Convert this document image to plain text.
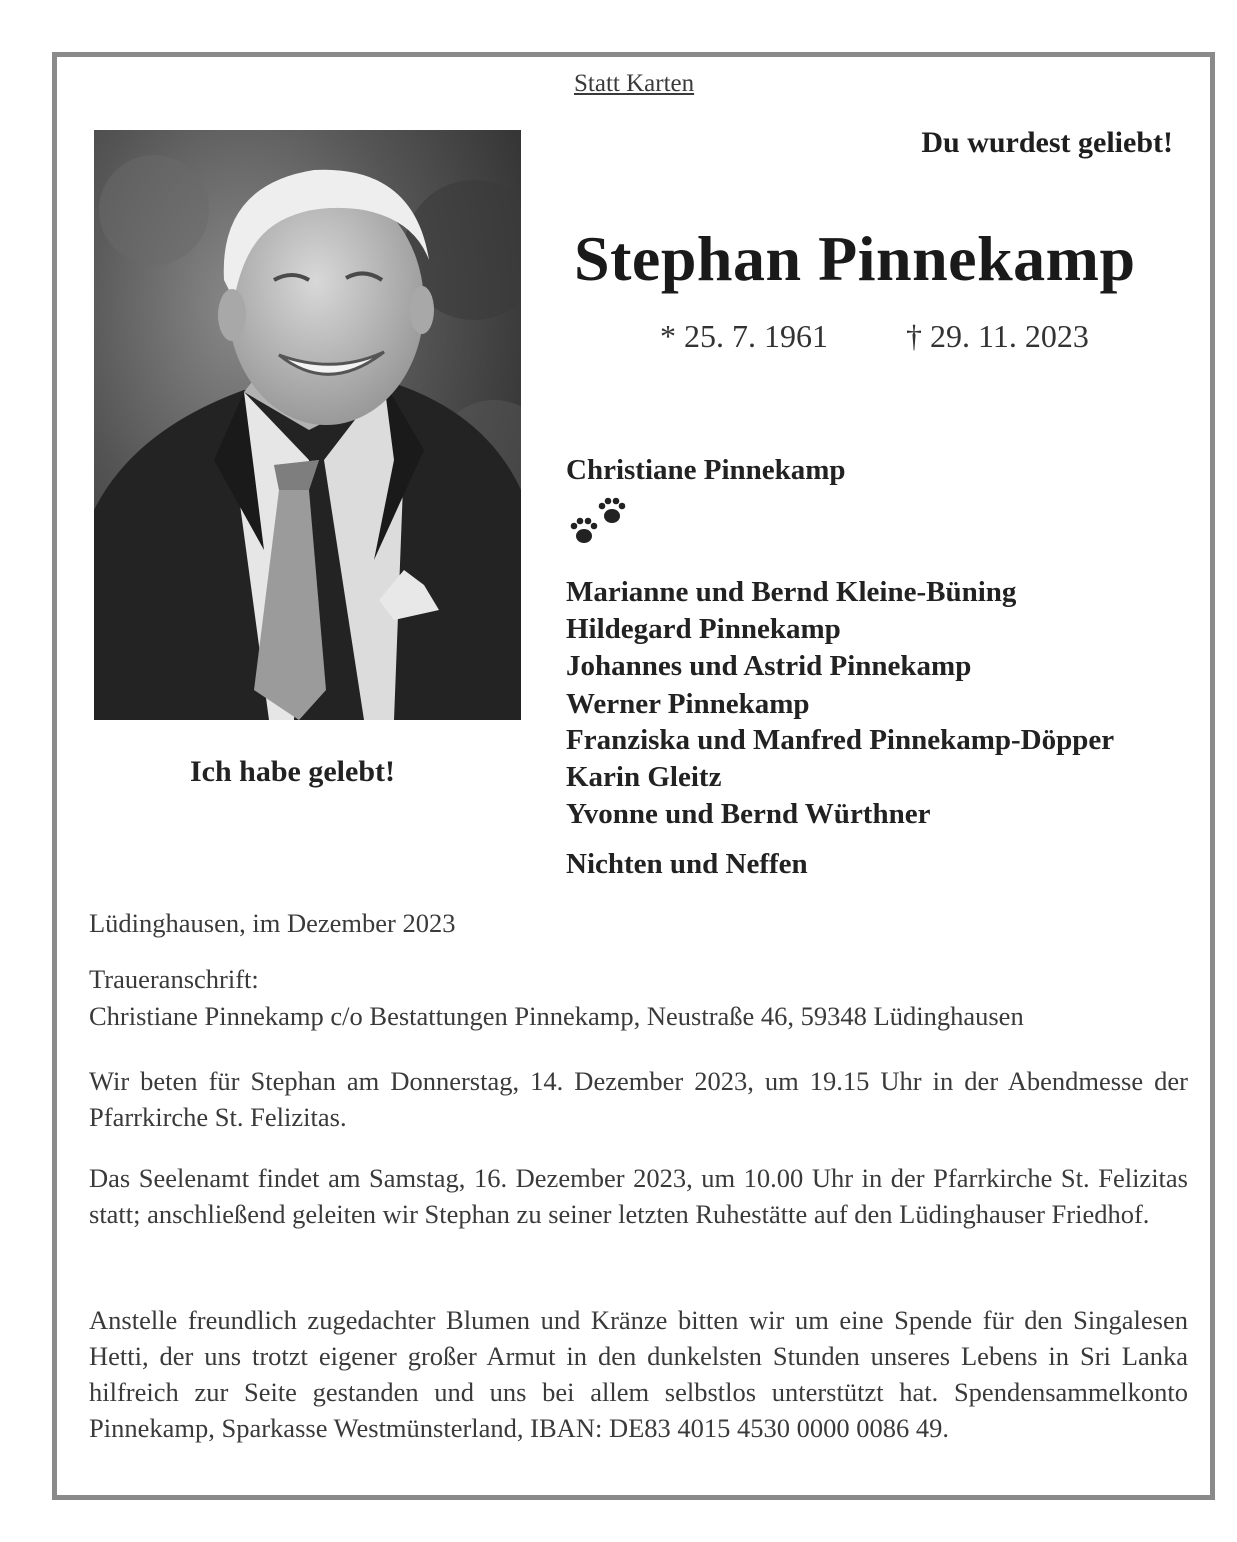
Statt Karten
Du wurdest geliebt!
Stephan Pinnekamp
* 25. 7. 1961 † 29. 11. 2023
Christiane Pinnekamp
Marianne und Bernd Kleine-Büning
Hildegard Pinnekamp
Johannes und Astrid Pinnekamp
Werner Pinnekamp
Franziska und Manfred Pinnekamp-Döpper
Karin Gleitz
Yvonne und Bernd Würthner
Nichten und Neffen
Ich habe gelebt!
Lüdinghausen, im Dezember 2023
Traueranschrift:
Christiane Pinnekamp c/o Bestattungen Pinnekamp, Neustraße 46, 59348 Lüdinghausen
Wir beten für Stephan am Donnerstag, 14. Dezember 2023, um 19.15 Uhr in der Abendmesse der Pfarrkirche St. Felizitas.
Das Seelenamt findet am Samstag, 16. Dezember 2023, um 10.00 Uhr in der Pfarrkirche St. Felizitas statt; anschließend geleiten wir Stephan zu seiner letzten Ruhestätte auf den Lüdinghauser Friedhof.
Anstelle freundlich zugedachter Blumen und Kränze bitten wir um eine Spende für den Singalesen Hetti, der uns trotzt eigener großer Armut in den dunkelsten Stunden unseres Lebens in Sri Lanka hilfreich zur Seite gestanden und uns bei allem selbstlos unterstützt hat. Spendensammelkonto Pinnekamp, Sparkasse Westmünsterland, IBAN: DE83 4015 4530 0000 0086 49.
